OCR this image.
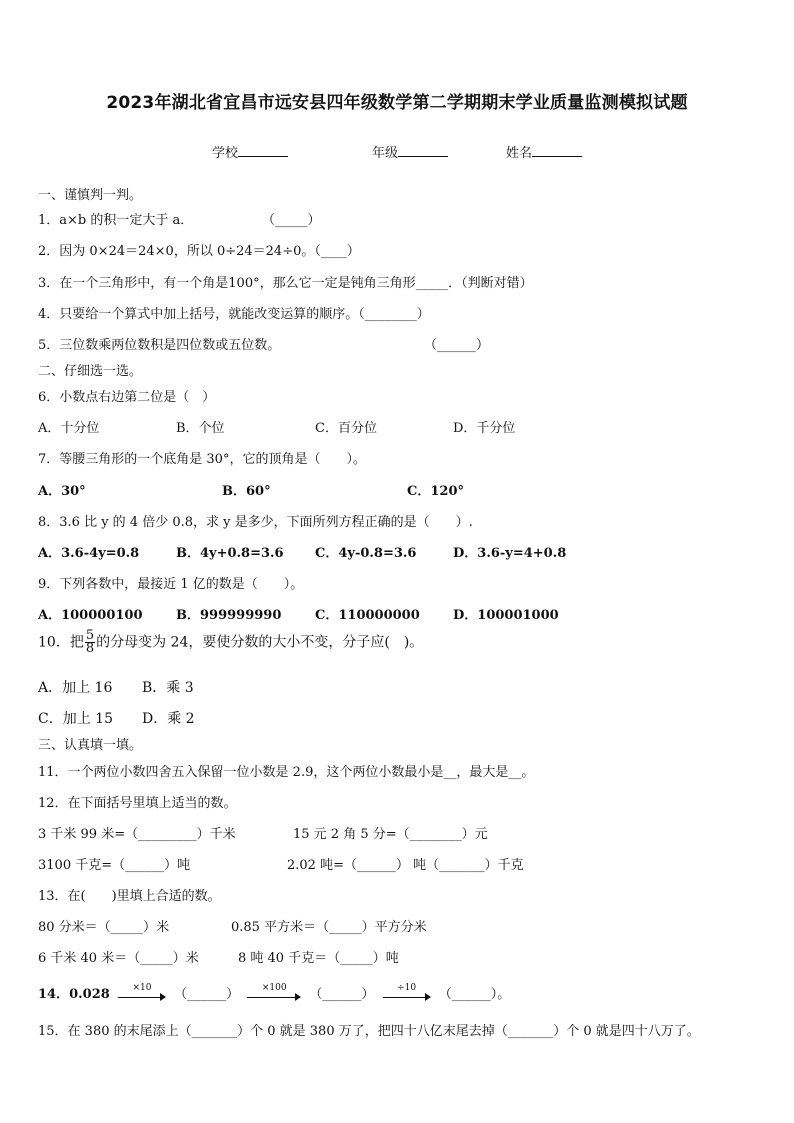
2023年湖北省宜昌市远安县四年级数学第二学期期末学业质量监测模拟试题
学校	年级	姓名
一、谨慎判一判。
1．a×b 的积一定大于 a．	（_____）
2．因为 0×24＝24×0，所以 0÷24＝24÷0。（____）
3．在一个三角形中，有一个角是100°，那么它一定是钝角三角形_____．（判断对错）
4．只要给一个算式中加上括号，就能改变运算的顺序。（________）
5．三位数乘两位数积是四位数或五位数。	（______）
二、仔细选一选。
6．小数点右边第二位是（　）
A．十分位	B．个位	C．百分位	D．千分位
7．等腰三角形的一个底角是 30°，它的顶角是（　　）。
A．30°	B．60°	C．120°
8．3.6 比 y 的 4 倍少 0.8，求 y 是多少，下面所列方程正确的是（　　）.
A．3.6-4y=0.8	B．4y+0.8=3.6 C．4y-0.8=3.6	D．3.6-y=4+0.8
9．下列各数中，最接近 1 亿的数是（　　）。
A．100000100	B．999999990	C．110000000	D．100001000
10．把 $\frac{5}{8}$ 的分母变为 24，要使分数的大小不变，分子应(　)。
A．加上 16 B．乘 3
C．加上 15 D．乘 2
三、认真填一填。
11．一个两位小数四舍五入保留一位小数是 2.9，这个两位小数最小是__，最大是__。
12．在下面括号里填上适当的数。
3 千米 99 米=（_________）千米	15 元 2 角 5 分=（________）元
3100 千克=（______）吨	2.02 吨=（______） 吨（_______）千克
13．在(　　)里填上合适的数。
80 分米＝（_____）米	0.85 平方米＝（_____）平方分米
6 千米 40 米＝（_____）米	8 吨 40 千克＝（_____）吨
14．0.028	×10	（______）	×100	（______）	÷10	（______）。
15．在 380 的末尾添上（_______）个 0 就是 380 万了，把四十八亿末尾去掉（_______）个 0 就是四十八万了。
